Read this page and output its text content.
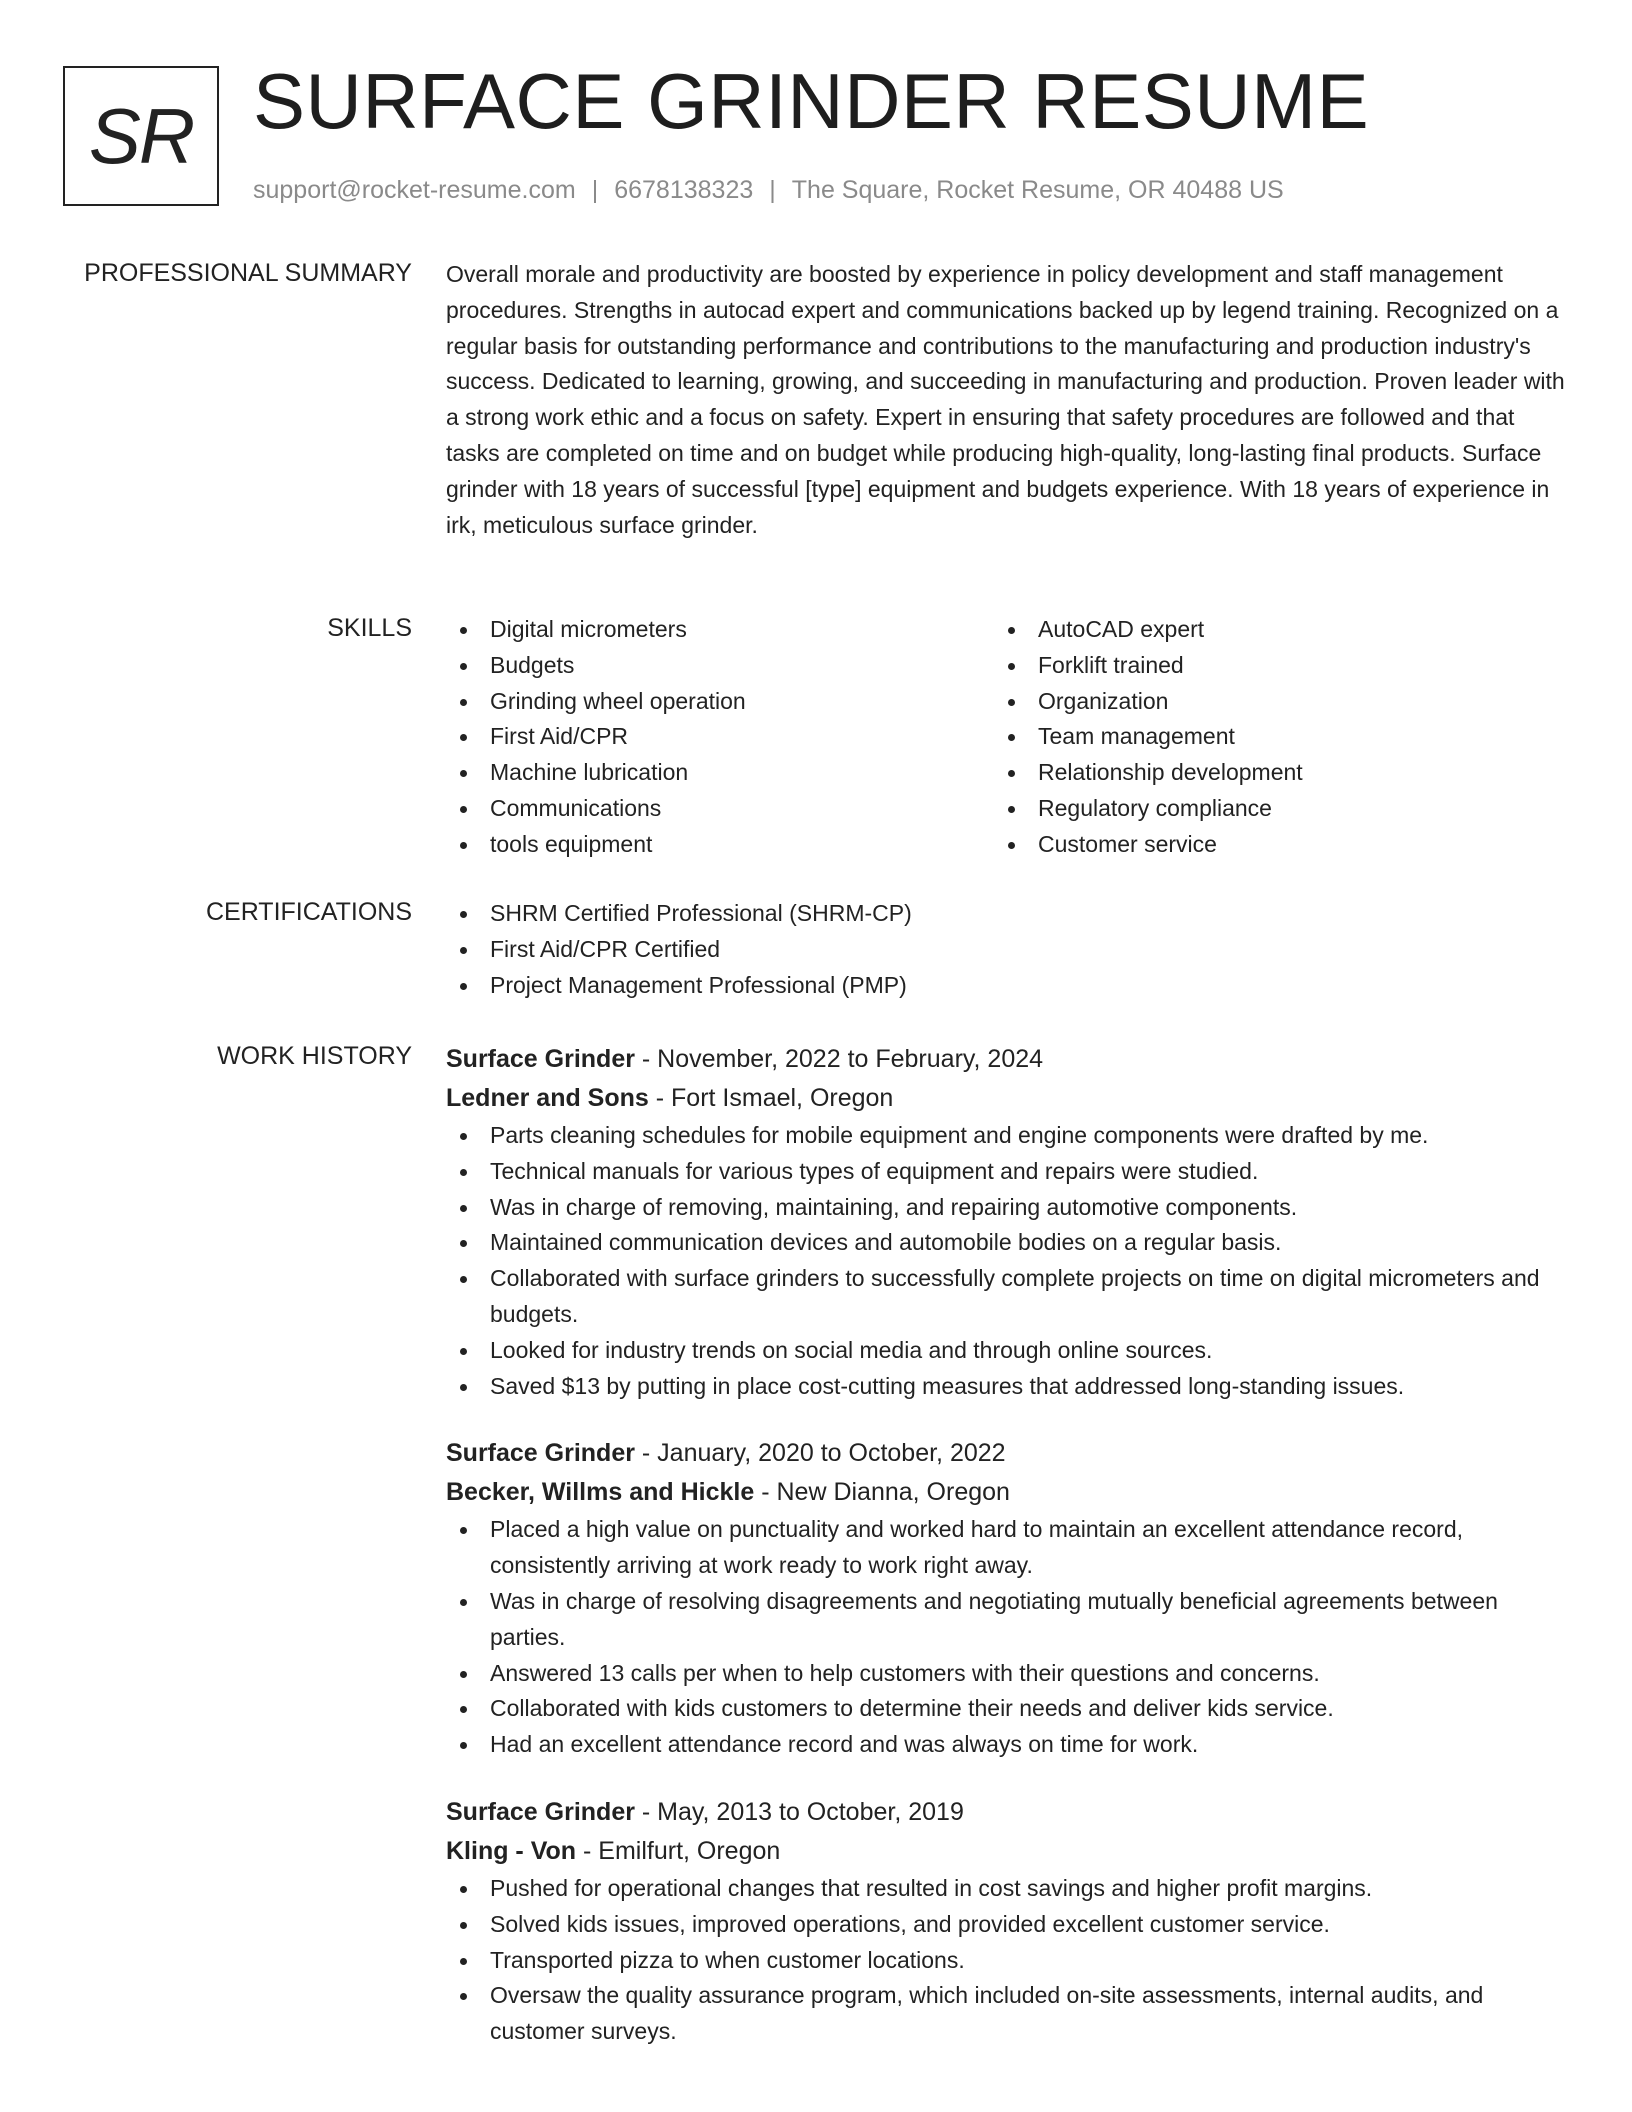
SR SURFACE GRINDER RESUME
support@rocket-resume.com | 6678138323 | The Square, Rocket Resume, OR 40488 US
PROFESSIONAL SUMMARY Overall morale and productivity are boosted by experience in policy development and staff management procedures. Strengths in autocad expert and communications backed up by legend training. Recognized on a regular basis for outstanding performance and contributions to the manufacturing and production industry's success. Dedicated to learning, growing, and succeeding in manufacturing and production. Proven leader with a strong work ethic and a focus on safety. Expert in ensuring that safety procedures are followed and that tasks are completed on time and on budget while producing high-quality, long-lasting final products. Surface grinder with 18 years of successful [type] equipment and budgets experience. With 18 years of experience in irk, meticulous surface grinder.

SKILLS	Digital micrometers
Budgets
Grinding wheel operation
First Aid/CPR
Machine lubrication
Communications
tools equipment
AutoCAD expert
Forklift trained
Organization
Team management
Relationship development
Regulatory compliance
Customer service
CERTIFICATIONS	SHRM Certified Professional (SHRM-CP)
First Aid/CPR Certified
Project Management Professional (PMP)
WORK HISTORY Surface Grinder - November, 2022 to February, 2024
Ledner and Sons - Fort Ismael, Oregon
Parts cleaning schedules for mobile equipment and engine components were drafted by me.
Technical manuals for various types of equipment and repairs were studied.
Was in charge of removing, maintaining, and repairing automotive components.
Maintained communication devices and automobile bodies on a regular basis.
Collaborated with surface grinders to successfully complete projects on time on digital micrometers and budgets.
Looked for industry trends on social media and through online sources.
Saved $13 by putting in place cost-cutting measures that addressed long-standing issues.
Surface Grinder - January, 2020 to October, 2022
Becker, Willms and Hickle - New Dianna, Oregon
Placed a high value on punctuality and worked hard to maintain an excellent attendance record, consistently arriving at work ready to work right away.
Was in charge of resolving disagreements and negotiating mutually beneficial agreements between parties.
Answered 13 calls per when to help customers with their questions and concerns.
Collaborated with kids customers to determine their needs and deliver kids service.
Had an excellent attendance record and was always on time for work.
Surface Grinder - May, 2013 to October, 2019
Kling - Von - Emilfurt, Oregon
Pushed for operational changes that resulted in cost savings and higher profit margins.
Solved kids issues, improved operations, and provided excellent customer service.
Transported pizza to when customer locations.
Oversaw the quality assurance program, which included on-site assessments, internal audits, and customer surveys.
